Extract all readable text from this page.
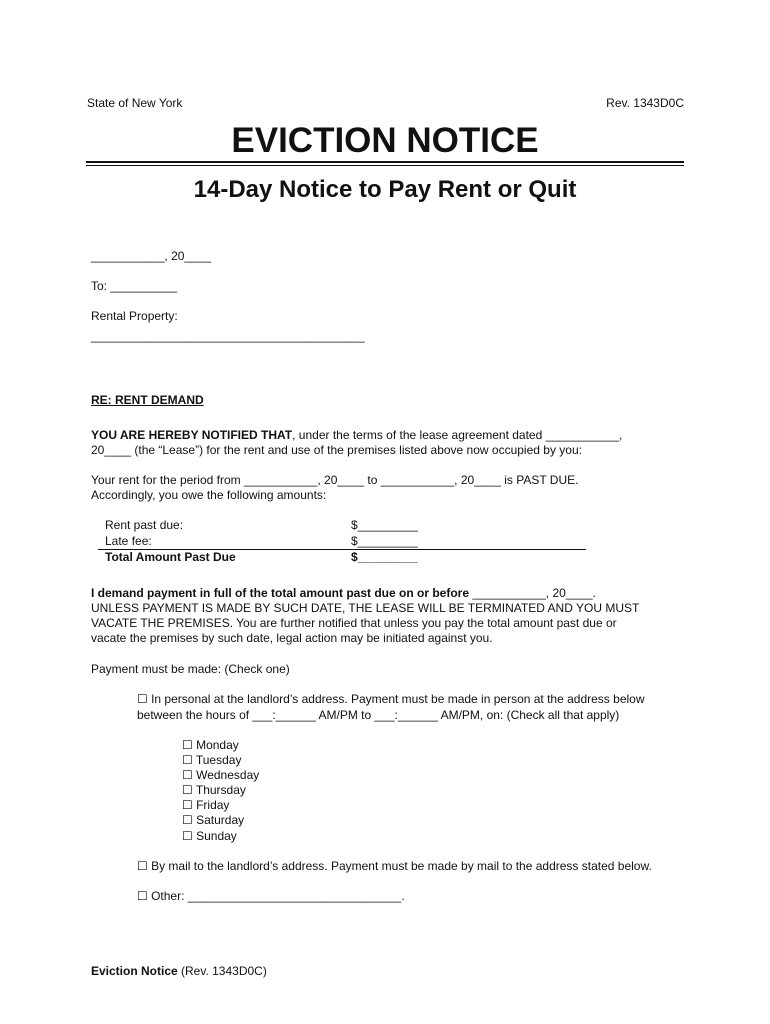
State of New York	Rev. 1343D0C
EVICTION NOTICE
14-Day Notice to Pay Rent or Quit
___________, 20____
To: __________
Rental Property:
_________________________________________
RE: RENT DEMAND
YOU ARE HEREBY NOTIFIED THAT, under the terms of the lease agreement dated ___________,
20____ (the “Lease”) for the rent and use of the premises listed above now occupied by you:
Your rent for the period from ___________, 20____ to ___________, 20____ is PAST DUE.
Accordingly, you owe the following amounts:
Rent past due:	$_________
Late fee:	$_________
Total Amount Past Due	$_________
I demand payment in full of the total amount past due on or before ___________, 20____.
UNLESS PAYMENT IS MADE BY SUCH DATE, THE LEASE WILL BE TERMINATED AND YOU MUST
VACATE THE PREMISES. You are further notified that unless you pay the total amount past due or
vacate the premises by such date, legal action may be initiated against you.
Payment must be made: (Check one)
☐ In personal at the landlord’s address. Payment must be made in person at the address below
between the hours of ___:______ AM/PM to ___:______ AM/PM, on: (Check all that apply)
☐ Monday
☐ Tuesday
☐ Wednesday
☐ Thursday
☐ Friday
☐ Saturday
☐ Sunday
☐ By mail to the landlord’s address. Payment must be made by mail to the address stated below.
☐ Other: ________________________________.
Eviction Notice (Rev. 1343D0C)
